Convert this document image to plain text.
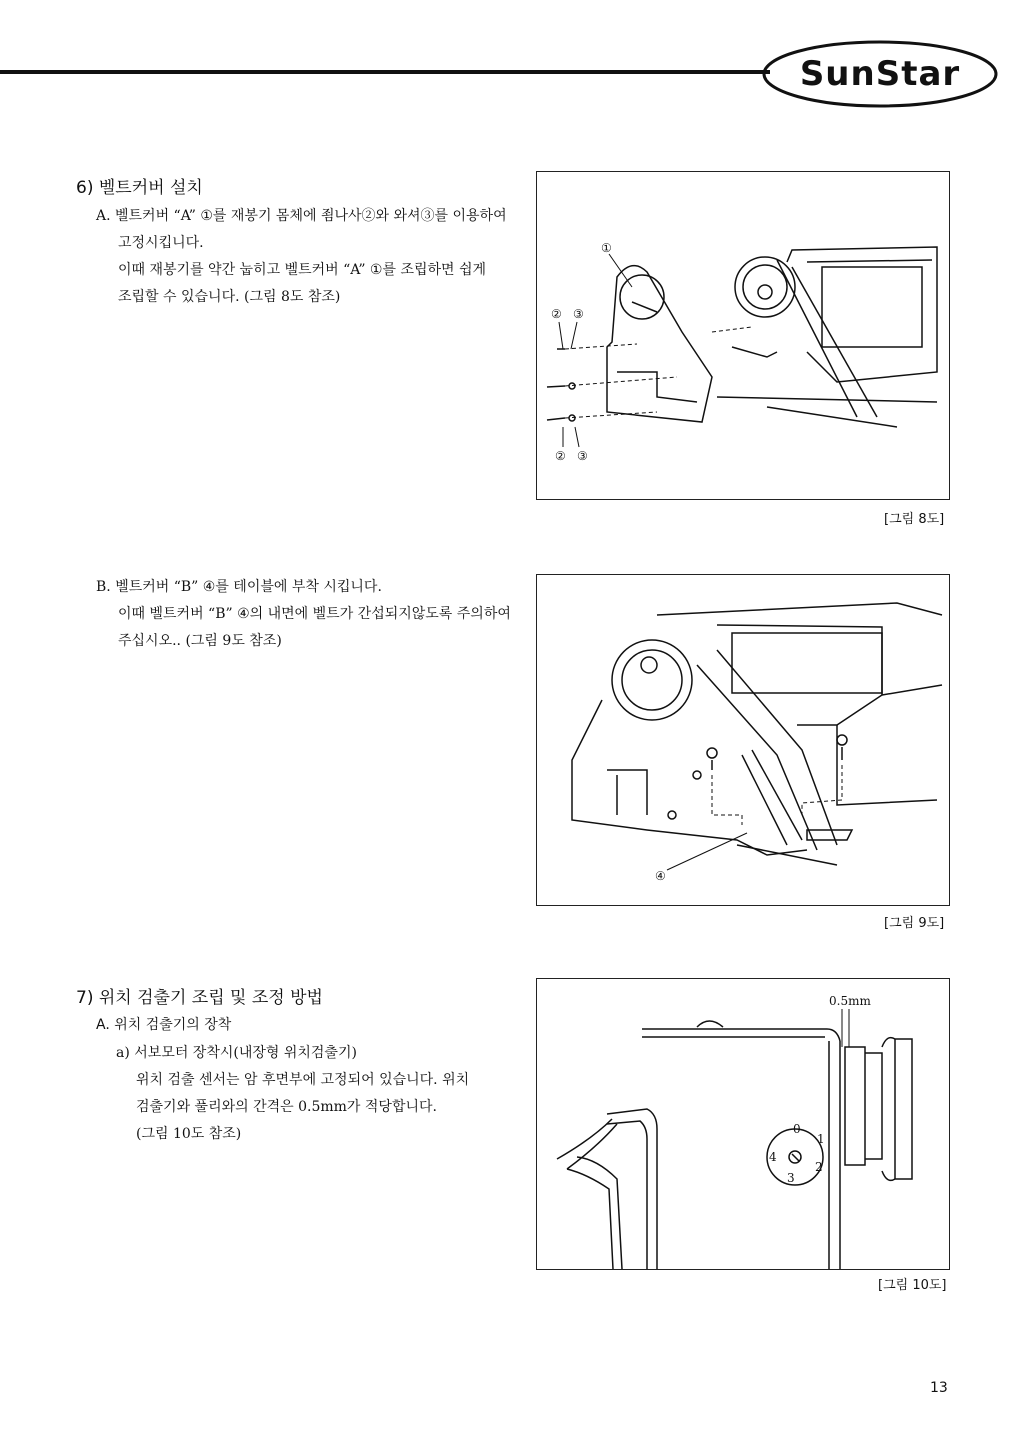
SunStar
6) 벨트커버 설치
A. 벨트커버 “A” ①를 재봉기 몸체에 죔나사②와 와셔③를 이용하여
고정시킵니다.
이때 재봉기를 약간 눕히고 벨트커버 “A” ①를 조립하면 쉽게
조립할 수 있습니다. (그림 8도 참조)
①
② ③
② ③
[그림 8도]
B. 벨트커버 “B” ④를 테이블에 부착 시킵니다.
이때 벨트커버 “B” ④의 내면에 벨트가 간섭되지않도록 주의하여
주십시오.. (그림 9도 참조)
④
[그림 9도]
7) 위치 검출기 조립 및 조정 방법
A. 위치 검출기의 장착
a) 서보모터 장착시(내장형 위치검출기)
위치 검출 센서는 암 후면부에 고정되어 있습니다. 위치
검출기와 풀리와의 간격은 0.5mm가 적당합니다.
(그림 10도 참조)
0.5mm
0
1
2
3
4
[그림 10도]
13
